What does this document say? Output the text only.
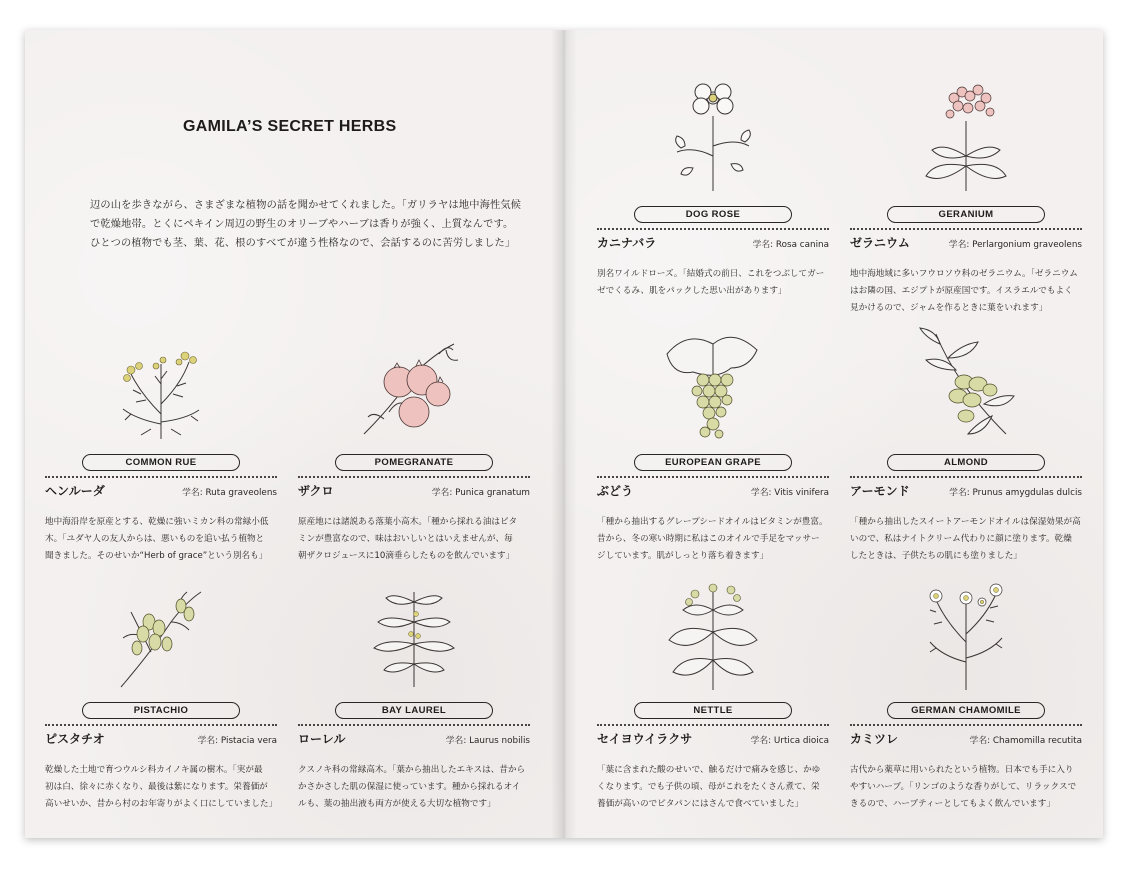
GAMILA’S SECRET HERBS

辺の山を歩きながら、さまざまな植物の話を聞かせてくれました。「ガリラヤは地中海性気候
で乾燥地帯。とくにペキイン周辺の野生のオリーブやハーブは香りが強く、上質なんです。
ひとつの植物でも茎、葉、花、根のすべてが違う性格なので、会話するのに苦労しました」

COMMON RUE
ヘンルーダ	学名: Ruta graveolens
地中海沿岸を原産とする、乾燥に強いミカン科の常緑小低
木。「ユダヤ人の友人からは、悪いものを追い払う植物と
聞きました。そのせいか“Herb of grace”という別名も」
POMEGRANATE
ザクロ	学名: Punica granatum
原産地には諸説ある落葉小高木。「種から採れる油はビタ
ミンが豊富なので、味はおいしいとはいえませんが、毎
朝ザクロジュースに10滴垂らしたものを飲んでいます」
PISTACHIO
ピスタチオ	学名: Pistacia vera
乾燥した土地で育つウルシ科カイノキ属の樹木。「実が最
初は白、徐々に赤くなり、最後は紫になります。栄養価が
高いせいか、昔から村のお年寄りがよく口にしていました」
BAY LAUREL
ローレル	学名: Laurus nobilis
クスノキ科の常緑高木。「葉から抽出したエキスは、昔から
かさかさした肌の保湿に使っています。種から採れるオイ
ルも、葉の抽出液も両方が使える大切な植物です」
DOG ROSE
カニナバラ	学名: Rosa canina
別名ワイルドローズ。「結婚式の前日、これをつぶしてガー
ゼでくるみ、肌をパックした思い出があります」
GERANIUM
ゼラニウム	学名: Perlargonium graveolens
地中海地域に多いフウロソウ科のゼラニウム。「ゼラニウム
はお隣の国、エジプトが原産国です。イスラエルでもよく
見かけるので、ジャムを作るときに葉をいれます」
EUROPEAN GRAPE
ぶどう	学名: Vitis vinifera
「種から抽出するグレープシードオイルはビタミンが豊富。
昔から、冬の寒い時期に私はこのオイルで手足をマッサー
ジしています。肌がしっとり落ち着きます」
ALMOND
アーモンド	学名: Prunus amygdulas dulcis
「種から抽出したスイートアーモンドオイルは保湿効果が高
いので、私はナイトクリーム代わりに顔に塗ります。乾燥
したときは、子供たちの肌にも塗りました」
NETTLE
セイヨウイラクサ	学名: Urtica dioica
「葉に含まれた酸のせいで、触るだけで痛みを感じ、かゆ
くなります。でも子供の頃、母がこれをたくさん煮て、栄
養価が高いのでピタパンにはさんで食べていました」
GERMAN CHAMOMILE
カミツレ	学名: Chamomilla recutita
古代から薬草に用いられたという植物。日本でも手に入り
やすいハーブ。「リンゴのような香りがして、リラックスで
きるので、ハーブティーとしてもよく飲んでいます」
